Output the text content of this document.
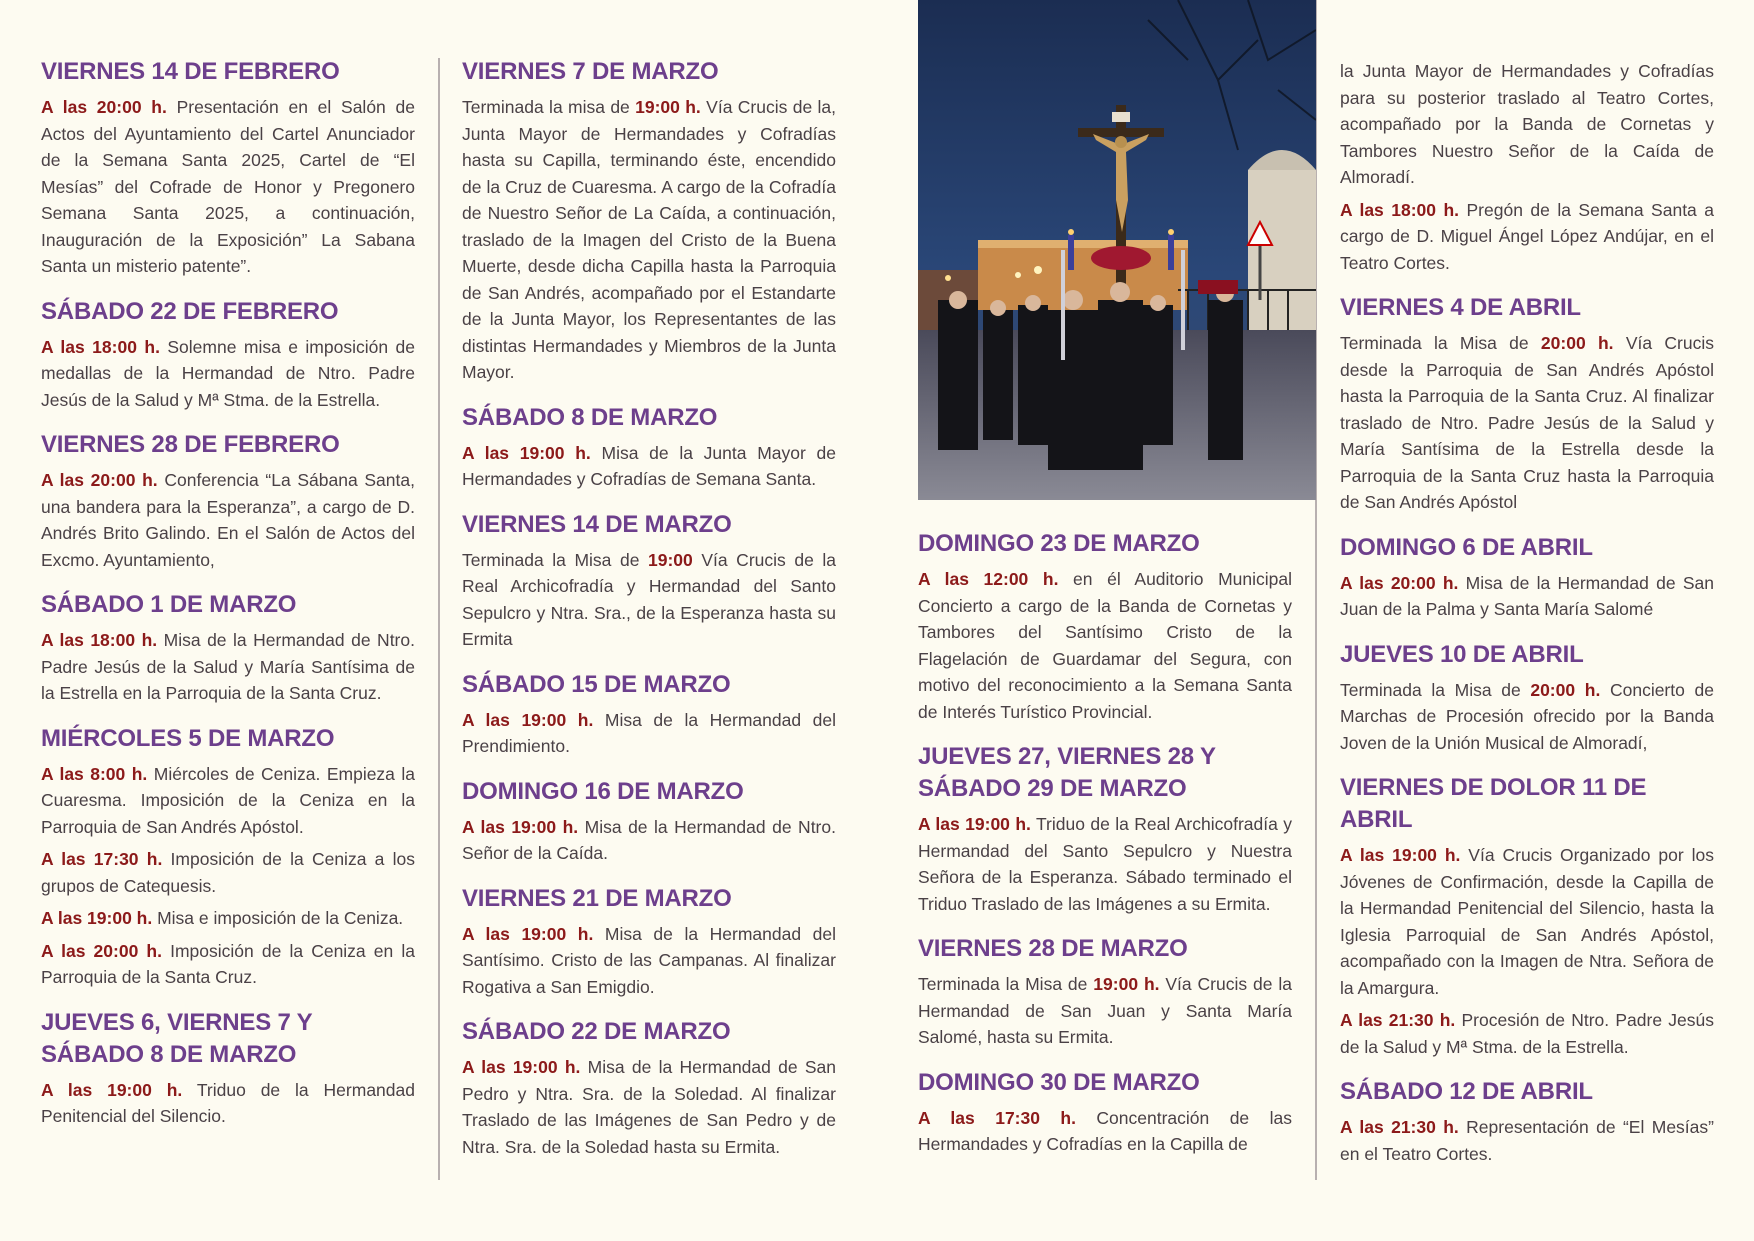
VIERNES 14 DE FEBRERO

A las 20:00 h. Presentación en el Salón de Actos del Ayuntamiento del Cartel Anunciador de la Semana Santa 2025, Cartel de “El Mesías” del Cofrade de Honor y Pregonero Semana Santa 2025, a continuación, Inauguración de la Exposición” La Sabana Santa un misterio patente”.

SÁBADO 22 DE FEBRERO

A las 18:00 h. Solemne misa e imposición de medallas de la Hermandad de Ntro. Padre Jesús de la Salud y Mª Stma. de la Estrella.

VIERNES 28 DE FEBRERO

A las 20:00 h. Conferencia “La Sábana Santa, una bandera para la Esperanza”, a cargo de D. Andrés Brito Galindo. En el Salón de Actos del Excmo. Ayuntamiento,

SÁBADO 1 DE MARZO

A las 18:00 h. Misa de la Hermandad de Ntro. Padre Jesús de la Salud y María Santísima de la Estrella en la Parroquia de la Santa Cruz.

MIÉRCOLES 5 DE MARZO

A las 8:00 h. Miércoles de Ceniza. Empieza la Cuaresma. Imposición de la Ceniza en la Parroquia de San Andrés Apóstol.

A las 17:30 h. Imposición de la Ceniza a los grupos de Catequesis.

A las 19:00 h. Misa e imposición de la Ceniza.

A las 20:00 h. Imposición de la Ceniza en la Parroquia de la Santa Cruz.

JUEVES 6, VIERNES 7 Y SÁBADO 8 DE MARZO

A las 19:00 h. Triduo de la Hermandad Penitencial del Silencio.

VIERNES 7 DE MARZO

Terminada la misa de 19:00 h. Vía Crucis de la, Junta Mayor de Hermandades y Cofradías hasta su Capilla, terminando éste, encendido de la Cruz de Cuaresma. A cargo de la Cofradía de Nuestro Señor de La Caída, a continuación, traslado de la Imagen del Cristo de la Buena Muerte, desde dicha Capilla hasta la Parroquia de San Andrés, acompañado por el Estandarte de la Junta Mayor, los Representantes de las distintas Hermandades y Miembros de la Junta Mayor.

SÁBADO 8 DE MARZO

A las 19:00 h. Misa de la Junta Mayor de Hermandades y Cofradías de Semana Santa.

VIERNES 14 DE MARZO

Terminada la Misa de 19:00 Vía Crucis de la Real Archicofradía y Hermandad del Santo Sepulcro y Ntra. Sra., de la Esperanza hasta su Ermita

SÁBADO 15 DE MARZO

A las 19:00 h. Misa de la Hermandad del Prendimiento.

DOMINGO 16 DE MARZO

A las 19:00 h. Misa de la Hermandad de Ntro. Señor de la Caída.

VIERNES 21 DE MARZO

A las 19:00 h. Misa de la Hermandad del Santísimo. Cristo de las Campanas. Al finalizar Rogativa a San Emigdio.

SÁBADO 22 DE MARZO

A las 19:00 h. Misa de la Hermandad de San Pedro y Ntra. Sra. de la Soledad. Al finalizar Traslado de las Imágenes de San Pedro y de Ntra. Sra. de la Soledad hasta su Ermita.

DOMINGO 23 DE MARZO

A las 12:00 h. en él Auditorio Municipal Concierto a cargo de la Banda de Cornetas y Tambores del Santísimo Cristo de la Flagelación de Guardamar del Segura, con motivo del reconocimiento a la Semana Santa de Interés Turístico Provincial.

JUEVES 27, VIERNES 28 Y SÁBADO 29 DE MARZO

A las 19:00 h. Triduo de la Real Archicofradía y Hermandad del Santo Sepulcro y Nuestra Señora de la Esperanza. Sábado terminado el Triduo Traslado de las Imágenes a su Ermita.

VIERNES 28 DE MARZO

Terminada la Misa de 19:00 h. Vía Crucis de la Hermandad de San Juan y Santa María Salomé, hasta su Ermita.

DOMINGO 30 DE MARZO

A las 17:30 h. Concentración de las Hermandades y Cofradías en la Capilla de

la Junta Mayor de Hermandades y Cofradías para su posterior traslado al Teatro Cortes, acompañado por la Banda de Cornetas y Tambores Nuestro Señor de la Caída de Almoradí.

A las 18:00 h. Pregón de la Semana Santa a cargo de D. Miguel Ángel López Andújar, en el Teatro Cortes.

VIERNES 4 DE ABRIL

Terminada la Misa de 20:00 h. Vía Crucis desde la Parroquia de San Andrés Apóstol hasta la Parroquia de la Santa Cruz. Al finalizar traslado de Ntro. Padre Jesús de la Salud y María Santísima de la Estrella desde la Parroquia de la Santa Cruz hasta la Parroquia de San Andrés Apóstol

DOMINGO 6 DE ABRIL

A las 20:00 h. Misa de la Hermandad de San Juan de la Palma y Santa María Salomé

JUEVES 10 DE ABRIL

Terminada la Misa de 20:00 h. Concierto de Marchas de Procesión ofrecido por la Banda Joven de la Unión Musical de Almoradí,

VIERNES DE DOLOR 11 DE ABRIL

A las 19:00 h. Vía Crucis Organizado por los Jóvenes de Confirmación, desde la Capilla de la Hermandad Penitencial del Silencio, hasta la Iglesia Parroquial de San Andrés Apóstol, acompañado con la Imagen de Ntra. Señora de la Amargura.

A las 21:30 h. Procesión de Ntro. Padre Jesús de la Salud y Mª Stma. de la Estrella.

SÁBADO 12 DE ABRIL

A las 21:30 h. Representación de “El Mesías” en el Teatro Cortes.
